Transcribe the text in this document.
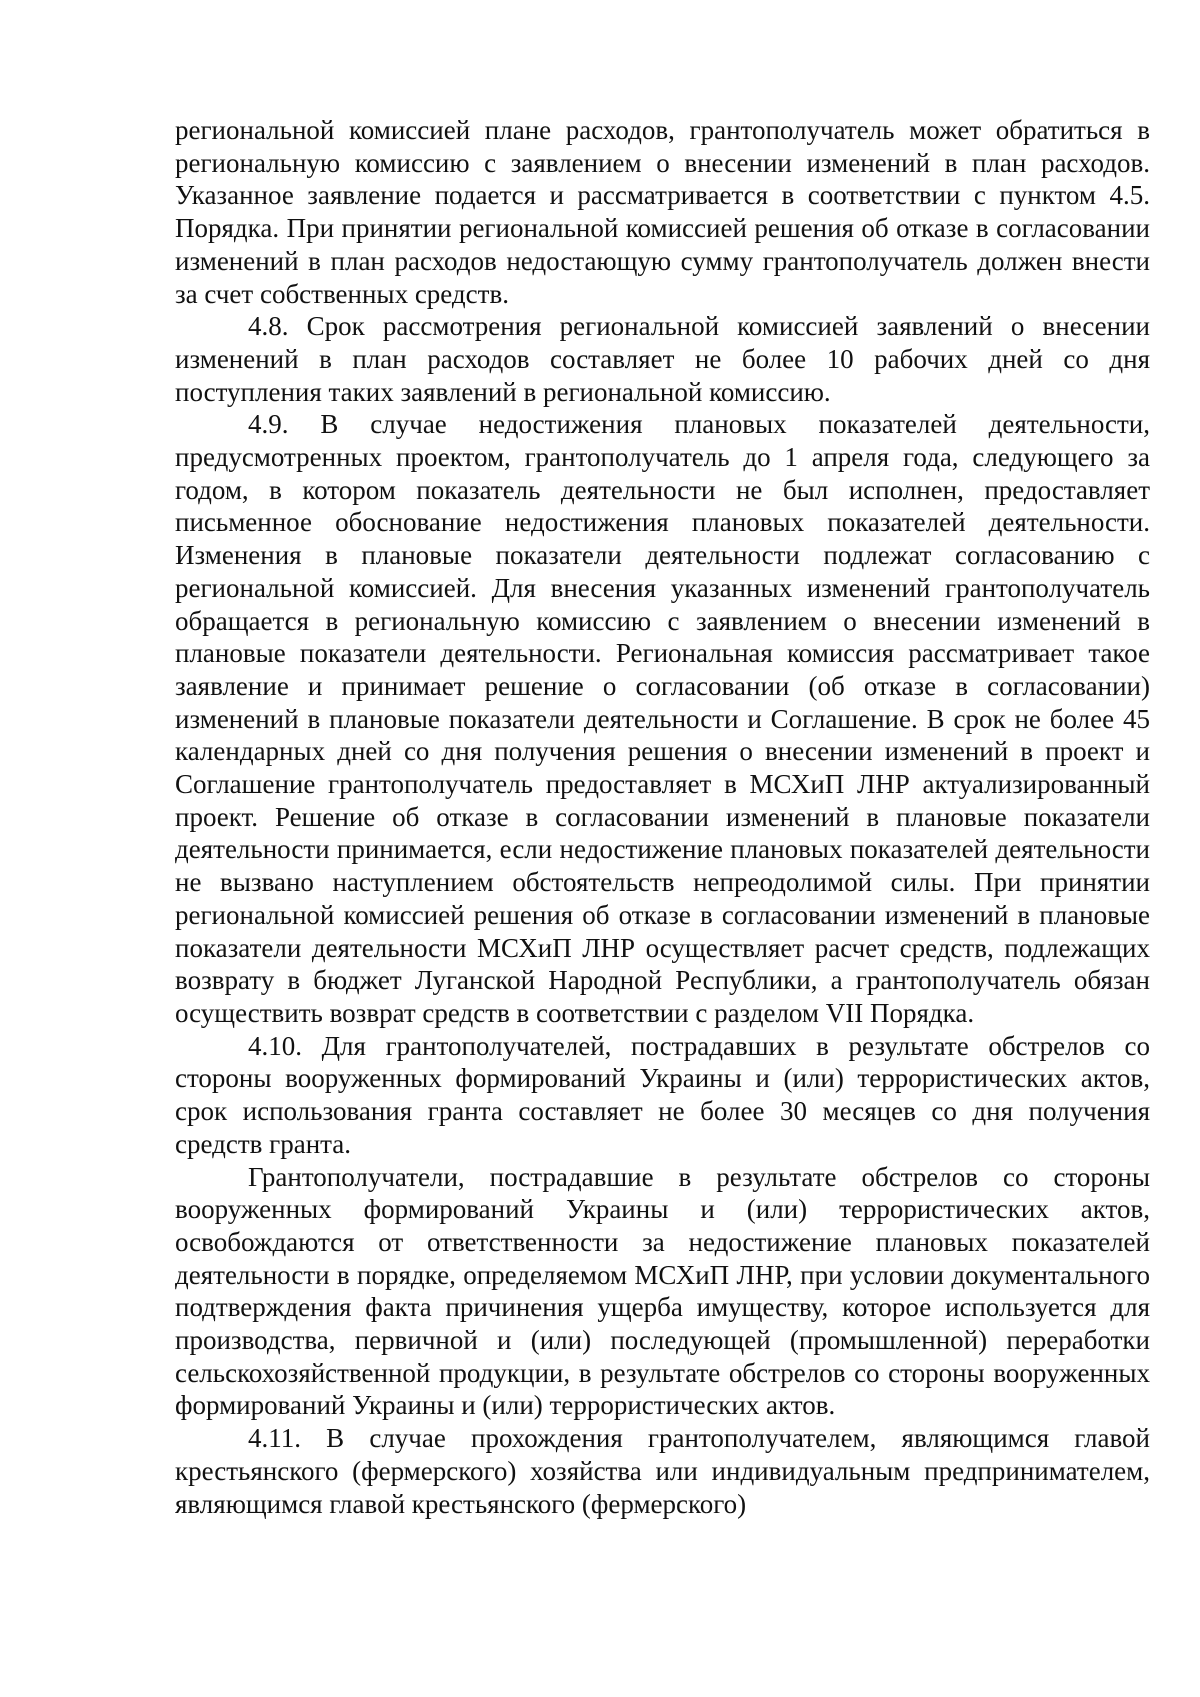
региональной комиссией плане расходов, грантополучатель может обратиться в региональную комиссию с заявлением о внесении изменений в план расходов. Указанное заявление подается и рассматривается в соответствии с пунктом 4.5. Порядка. При принятии региональной комиссией решения об отказе в согласовании изменений в план расходов недостающую сумму грантополучатель должен внести за счет собственных средств.

4.8. Срок рассмотрения региональной комиссией заявлений о внесении изменений в план расходов составляет не более 10 рабочих дней со дня поступления таких заявлений в региональной комиссию.

4.9. В случае недостижения плановых показателей деятельности, предусмотренных проектом, грантополучатель до 1 апреля года, следующего за годом, в котором показатель деятельности не был исполнен, предоставляет письменное обоснование недостижения плановых показателей деятельности. Изменения в плановые показатели деятельности подлежат согласованию с региональной комиссией. Для внесения указанных изменений грантополучатель обращается в региональную комиссию с заявлением о внесении изменений в плановые показатели деятельности. Региональная комиссия рассматривает такое заявление и принимает решение о согласовании (об отказе в согласовании) изменений в плановые показатели деятельности и Соглашение. В срок не более 45 календарных дней со дня получения решения о внесении изменений в проект и Соглашение грантополучатель предоставляет в МСХиП ЛНР актуализированный проект. Решение об отказе в согласовании изменений в плановые показатели деятельности принимается, если недостижение плановых показателей деятельности не вызвано наступлением обстоятельств непреодолимой силы. При принятии региональной комиссией решения об отказе в согласовании изменений в плановые показатели деятельности МСХиП ЛНР осуществляет расчет средств, подлежащих возврату в бюджет Луганской Народной Республики, а грантополучатель обязан осуществить возврат средств в соответствии с разделом VII Порядка.

4.10. Для грантополучателей, пострадавших в результате обстрелов со стороны вооруженных формирований Украины и (или) террористических актов, срок использования гранта составляет не более 30 месяцев со дня получения средств гранта.

Грантополучатели, пострадавшие в результате обстрелов со стороны вооруженных формирований Украины и (или) террористических актов, освобождаются от ответственности за недостижение плановых показателей деятельности в порядке, определяемом МСХиП ЛНР, при условии документального подтверждения факта причинения ущерба имуществу, которое используется для производства, первичной и (или) последующей (промышленной) переработки сельскохозяйственной продукции, в результате обстрелов со стороны вооруженных формирований Украины и (или) террористических актов.

4.11. В случае прохождения грантополучателем, являющимся главой крестьянского (фермерского) хозяйства или индивидуальным предпринимателем, являющимся главой крестьянского (фермерского)
